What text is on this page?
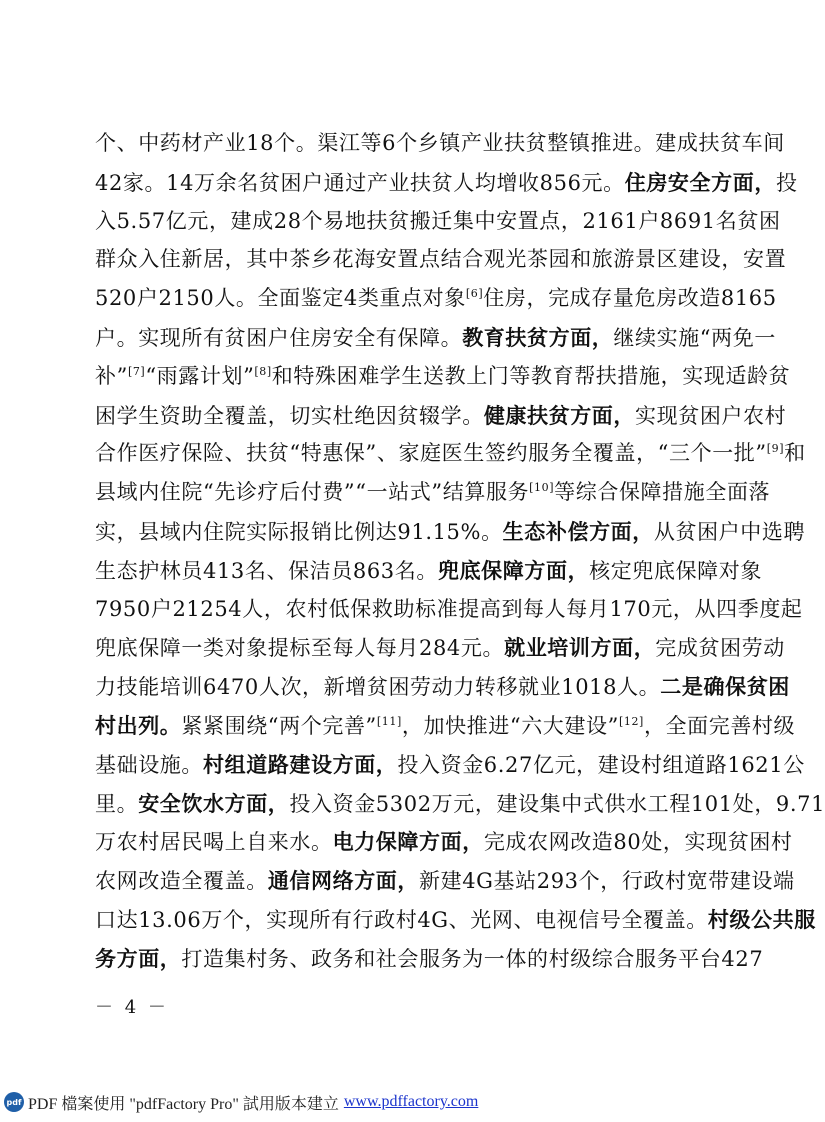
个、中药材产业18个。渠江等6个乡镇产业扶贫整镇推进。建成扶贫车间
42家。14万余名贫困户通过产业扶贫人均增收856元。住房安全方面，投
入5.57亿元，建成28个易地扶贫搬迁集中安置点，2161户8691名贫困
群众入住新居，其中茶乡花海安置点结合观光茶园和旅游景区建设，安置
520户2150人。全面鉴定4类重点对象[6]住房，完成存量危房改造8165
户。实现所有贫困户住房安全有保障。教育扶贫方面，继续实施“两免一
补”[7]“雨露计划”[8]和特殊困难学生送教上门等教育帮扶措施，实现适龄贫
困学生资助全覆盖，切实杜绝因贫辍学。健康扶贫方面，实现贫困户农村
合作医疗保险、扶贫“特惠保”、家庭医生签约服务全覆盖，“三个一批”[9]和
县域内住院“先诊疗后付费”“一站式”结算服务[10]等综合保障措施全面落
实，县域内住院实际报销比例达91.15%。生态补偿方面，从贫困户中选聘
生态护林员413名、保洁员863名。兜底保障方面，核定兜底保障对象
7950户21254人，农村低保救助标准提高到每人每月170元，从四季度起
兜底保障一类对象提标至每人每月284元。就业培训方面，完成贫困劳动
力技能培训6470人次，新增贫困劳动力转移就业1018人。二是确保贫困
村出列。紧紧围绕“两个完善”[11]，加快推进“六大建设”[12]，全面完善村级
基础设施。村组道路建设方面，投入资金6.27亿元，建设村组道路1621公
里。安全饮水方面，投入资金5302万元，建设集中式供水工程101处，9.71
万农村居民喝上自来水。电力保障方面，完成农网改造80处，实现贫困村
农网改造全覆盖。通信网络方面，新建4G基站293个，行政村宽带建设端
口达13.06万个，实现所有行政村4G、光网、电视信号全覆盖。村级公共服
务方面，打造集村务、政务和社会服务为一体的村级综合服务平台427
－ 4 －
pdf PDF 檔案使用 "pdfFactory Pro" 試用版本建立 www.pdffactory.com
